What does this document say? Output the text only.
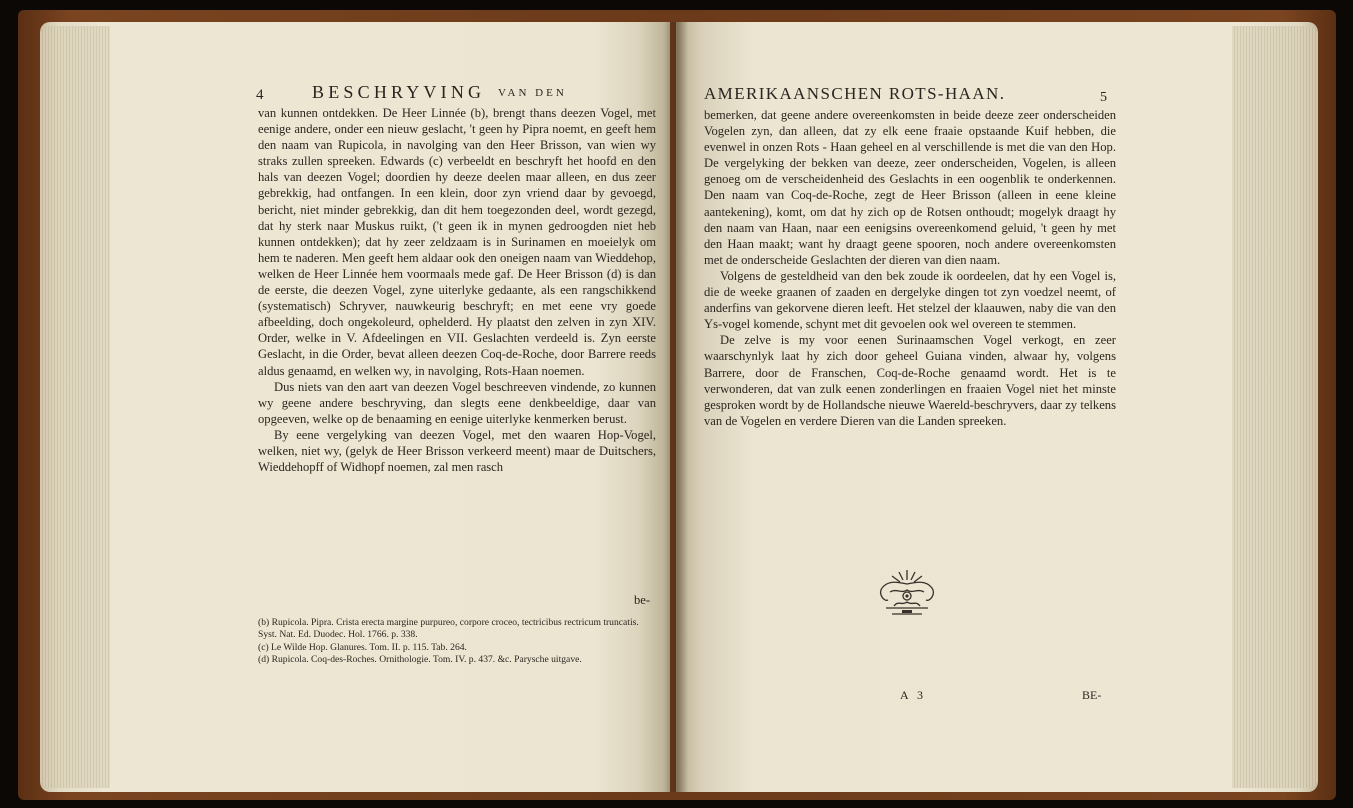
4	BESCHRYVING VAN DEN

van kunnen ontdekken. De Heer Linnée (b), brengt thans deezen Vogel, met eenige andere, onder een nieuw geslacht, 't geen hy Pipra noemt, en geeft hem den naam van Rupicola, in navolging van den Heer Brisson, van wien wy straks zullen spreeken. Edwards (c) verbeeldt en beschryft het hoofd en den hals van deezen Vogel; doordien hy deeze deelen maar alleen, en dus zeer gebrekkig, had ontfangen. In een klein, door zyn vriend daar by gevoegd, bericht, niet minder gebrekkig, dan dit hem toegezonden deel, wordt gezegd, dat hy sterk naar Muskus ruikt, ('t geen ik in mynen gedroogden niet heb kunnen ontdekken); dat hy zeer zeldzaam is in Surinamen en moeielyk om hem te naderen. Men geeft hem aldaar ook den oneigen naam van Wieddehop, welken de Heer Linnée hem voormaals mede gaf. De Heer Brisson (d) is dan de eerste, die deezen Vogel, zyne uiterlyke gedaante, als een rangschikkend (systematisch) Schryver, nauwkeurig beschryft; en met eene vry goede afbeelding, doch ongekoleurd, ophelderd. Hy plaatst den zelven in zyn XIV. Order, welke in V. Afdeelingen en VII. Geslachten verdeeld is. Zyn eerste Geslacht, in die Order, bevat alleen deezen Coq-de-Roche, door Barrere reeds aldus genaamd, en welken wy, in navolging, Rots-Haan noemen.

Dus niets van den aart van deezen Vogel beschreeven vindende, zo kunnen wy geene andere beschryving, dan slegts eene denkbeeldige, daar van opgeeven, welke op de benaaming en eenige uiterlyke kenmerken berust.

By eene vergelyking van deezen Vogel, met den waaren Hop-Vogel, welken, niet wy, (gelyk de Heer Brisson verkeerd meent) maar de Duitschers, Wieddehopff of Widhopf noemen, zal men rasch

be-
(b) Rupicola. Pipra. Crista erecta margine purpureo, corpore croceo, tectricibus rectricum truncatis. Syst. Nat. Ed. Duodec. Hol. 1766. p. 338.
(c) Le Wilde Hop. Glanures. Tom. II. p. 115. Tab. 264.
(d) Rupicola. Coq-des-Roches. Ornithologie. Tom. IV. p. 437. &c. Parysche uitgave.
AMERIKAANSCHEN ROTS-HAAN.	5

bemerken, dat geene andere overeenkomsten in beide deeze zeer onderscheiden Vogelen zyn, dan alleen, dat zy elk eene fraaie opstaande Kuif hebben, die evenwel in onzen Rots - Haan geheel en al verschillende is met die van den Hop. De vergelyking der bekken van deeze, zeer onderscheiden, Vogelen, is alleen genoeg om de verscheidenheid des Geslachts in een oogenblik te onderkennen. Den naam van Coq-de-Roche, zegt de Heer Brisson (alleen in eene kleine aantekening), komt, om dat hy zich op de Rotsen onthoudt; mogelyk draagt hy den naam van Haan, naar een eenigsins overeenkomend geluid, 't geen hy met den Haan maakt; want hy draagt geene spooren, noch andere overeenkomsten met de onderscheide Geslachten der dieren van dien naam.

Volgens de gesteldheid van den bek zoude ik oordeelen, dat hy een Vogel is, die de weeke graanen of zaaden en dergelyke dingen tot zyn voedzel neemt, of anderfins van gekorvene dieren leeft. Het stelzel der klaauwen, naby die van den Ys-vogel komende, schynt met dit gevoelen ook wel overeen te stemmen.

De zelve is my voor eenen Surinaamschen Vogel verkogt, en zeer waarschynlyk laat hy zich door geheel Guiana vinden, alwaar hy, volgens Barrere, door de Franschen, Coq-de-Roche genaamd wordt. Het is te verwonderen, dat van zulk eenen zonderlingen en fraaien Vogel niet het minste gesproken wordt by de Hollandsche nieuwe Waereld-beschryvers, daar zy telkens van de Vogelen en verdere Dieren van die Landen spreeken.

A 3	BE-
